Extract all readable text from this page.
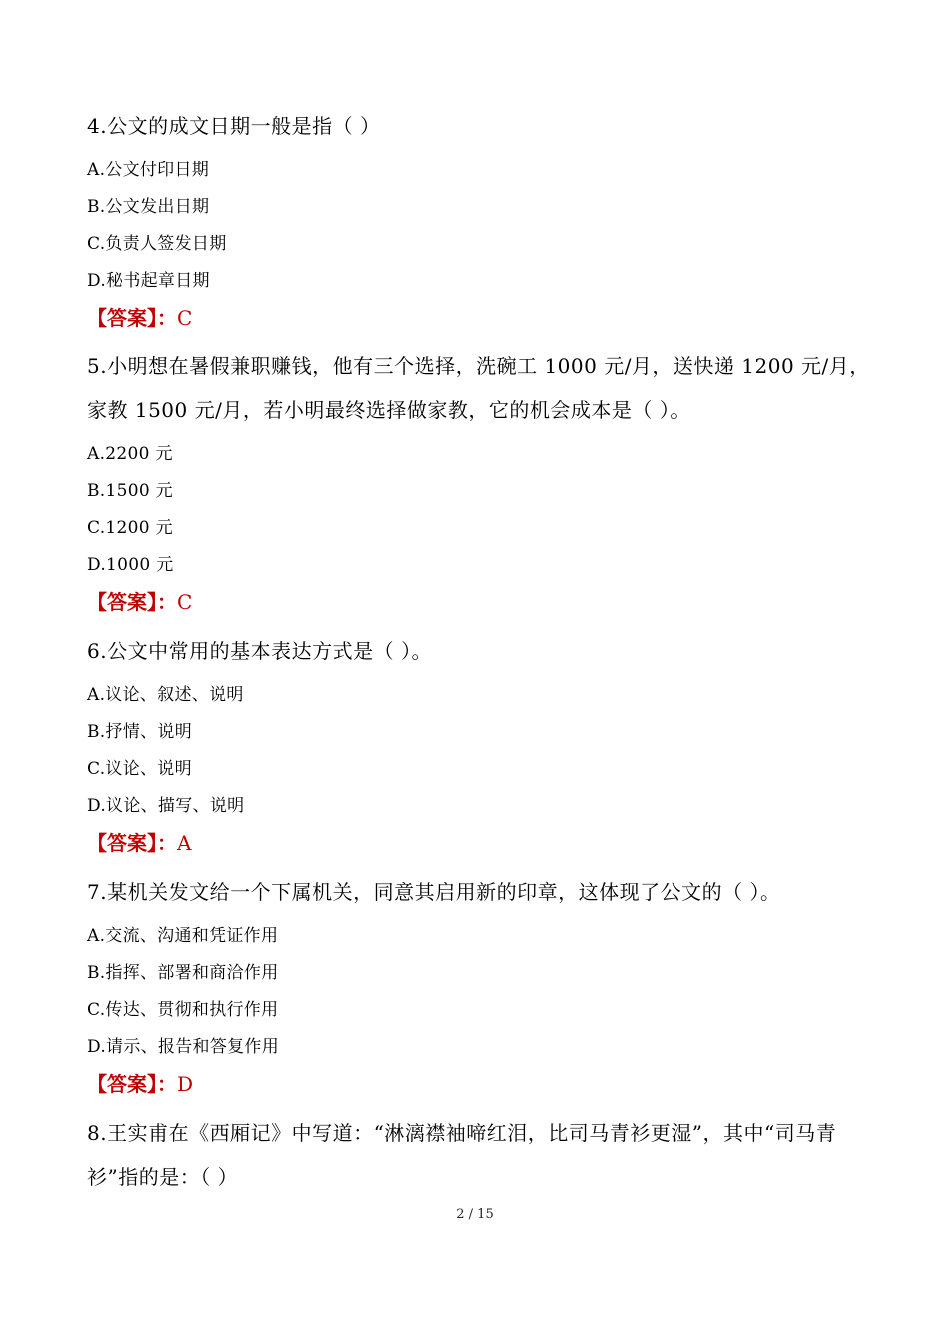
4.公文的成文日期一般是指（ ）
A.公文付印日期
B.公文发出日期
C.负责人签发日期
D.秘书起章日期
【答案】：C
5.小明想在暑假兼职赚钱，他有三个选择，洗碗工 1000 元/月，送快递 1200 元/月，家教 1500 元/月，若小明最终选择做家教，它的机会成本是（ ）。
A.2200 元
B.1500 元
C.1200 元
D.1000 元
【答案】：C
6.公文中常用的基本表达方式是（ ）。
A.议论、叙述、说明
B.抒情、说明
C.议论、说明
D.议论、描写、说明
【答案】：A
7.某机关发文给一个下属机关，同意其启用新的印章，这体现了公文的（ ）。
A.交流、沟通和凭证作用
B.指挥、部署和商洽作用
C.传达、贯彻和执行作用
D.请示、报告和答复作用
【答案】：D
8.王实甫在《西厢记》中写道：“淋漓襟袖啼红泪，比司马青衫更湿”，其中“司马青衫”指的是：（ ）
2 / 15
